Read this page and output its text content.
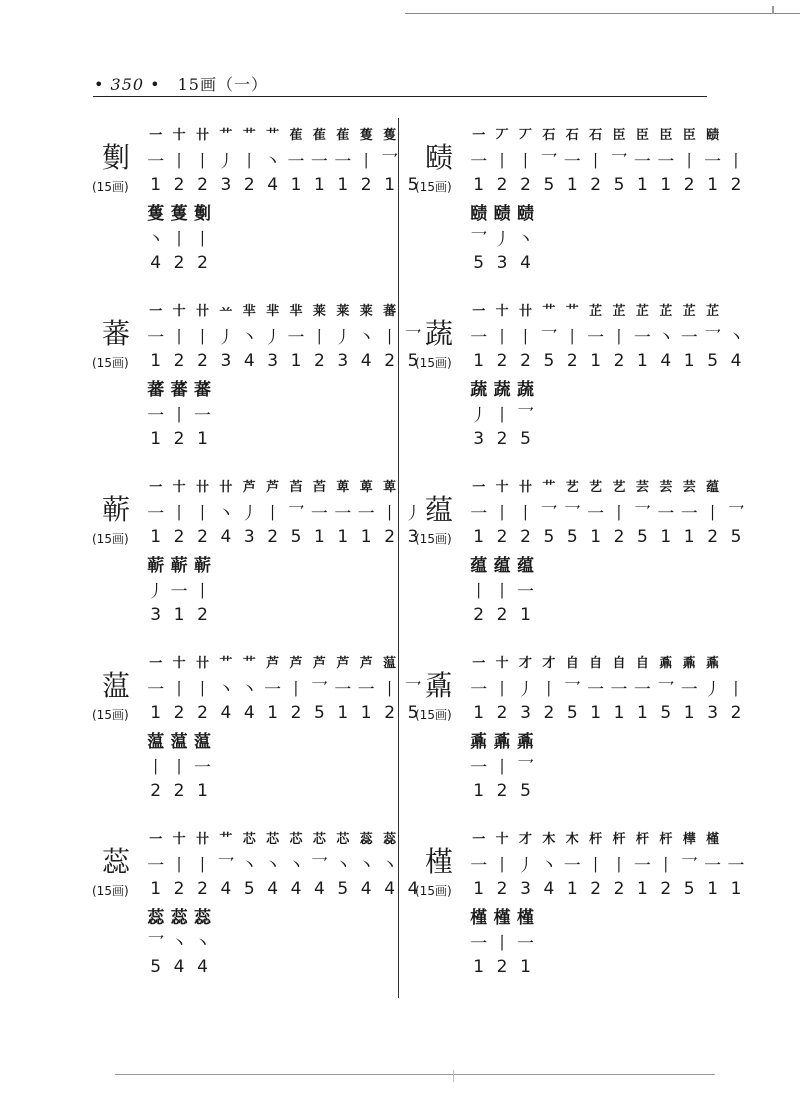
• 350 •　15画（一）
劐
(15画)
一 十 卄 艹 艹 艹 萑 萑 萑 蒦 蒦
一 丨 丨 丿 丨 丶 一 一 一 丨 乛
1 2 2 3 2 4 1 1 1 2 1 5
蒦 蒦 劐
丶 丨 丨
4 2 2
蕃
(15画)
一 十 卄 䒑 芈 芈 芈 莱 莱 莱 蕃
一 丨 丨 丿 丶 丿 一 丨 丿 丶 丨 乛
1 2 2 3 4 3 1 2 3 4 2 5
蕃 蕃 蕃
一 丨 一
1 2 1
蕲
(15画)
一 十 卄 卄 芦 芦 苩 苩 萆 萆 萆
一 丨 丨 丶 丿 丨 乛 一 一 一 丨 丿
1 2 2 4 3 2 5 1 1 1 2 3
蕲 蕲 蕲
丿 一 丨
3 1 2
蕰
(15画)
一 十 卄 艹 艹 芦 芦 芦 芦 芦 蕰
一 丨 丨 丶 丶 一 丨 乛 一 一 丨 乛
1 2 2 4 4 1 2 5 1 1 2 5
蕰 蕰 蕰
丨 丨 一
2 2 1
蕊
(15画)
一 十 卄 艹 芯 芯 芯 芯 芯 蕊 蕊
一 丨 丨 乛 丶 丶 丶 乛 丶 丶 丶
1 2 2 4 5 4 4 4 5 4 4 4
蕊 蕊 蕊
乛 丶 丶
5 4 4
赜
(15画)
一 丆 丆 石 石 石 臣 臣 臣 臣 赜
一 丨 丨 乛 一 丨 乛 一 一 丨 一 丨
1 2 2 5 1 2 5 1 1 2 1 2
赜 赜 赜
乛 丿 丶
5 3 4
蔬
(15画)
一 十 卄 艹 艹 芷 芷 芷 芷 芷 芷
一 丨 丨 乛 丨 一 丨 一 丶 一 乛 丶
1 2 2 5 2 1 2 1 4 1 5 4
蔬 蔬 蔬
丿 丨 乛
3 2 5
蕴
(15画)
一 十 卄 艹 艺 艺 艺 芸 芸 芸 蕴
一 丨 丨 乛 乛 一 丨 乛 一 一 丨 乛
1 2 2 5 5 1 2 5 1 1 2 5
蕴 蕴 蕴
丨 丨 一
2 2 1
鼒
(15画)
一 十 才 才 自 自 自 自 鼒 鼒 鼒
一 丨 丿 丨 乛 一 一 一 乛 一 丿 丨
1 2 3 2 5 1 1 1 5 1 3 2
鼒 鼒 鼒
一 丨 乛
1 2 5
槿
(15画)
一 十 才 木 木 杆 杆 杆 杆 樺 槿
一 丨 丿 丶 一 丨 丨 一 丨 乛 一 一
1 2 3 4 1 2 2 1 2 5 1 1
槿 槿 槿
一 丨 一
1 2 1
